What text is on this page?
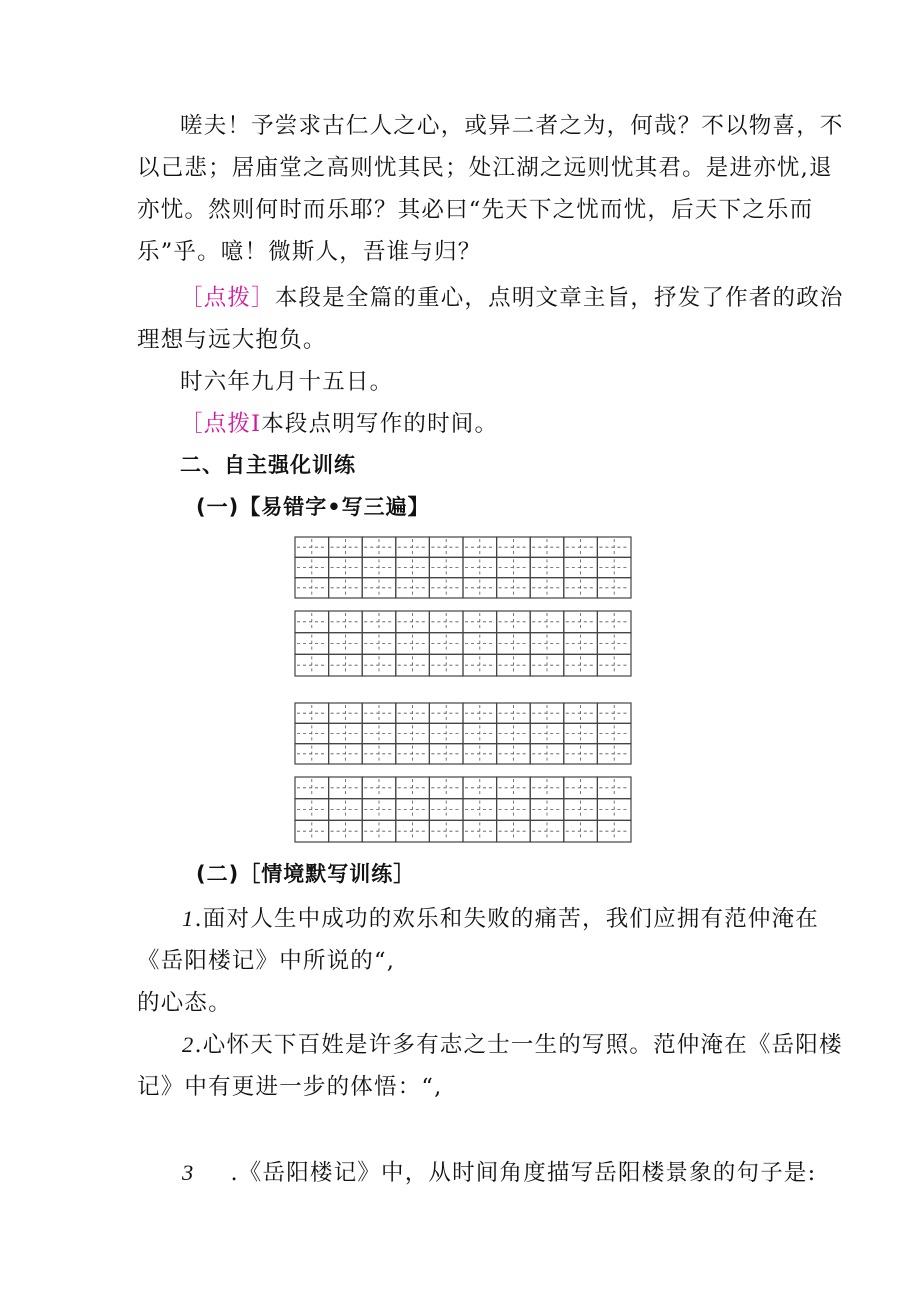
嗟夫！予尝求古仁人之心，或异二者之为，何哉？不以物喜，不
以己悲；居庙堂之高则忧其民；处江湖之远则忧其君。是进亦忧,退
亦忧。然则何时而乐耶？其必曰“先天下之忧而忧，后天下之乐而
乐”乎。噫！微斯人，吾谁与归？
［点拨］本段是全篇的重心，点明文章主旨，抒发了作者的政治
理想与远大抱负。
时六年九月十五日。
［点拨Ⅰ本段点明写作的时间。
二、自主强化训练
(一)【易错字•写三遍】
(二)［情境默写训练］
1.面对人生中成功的欢乐和失败的痛苦，我们应拥有范仲淹在
《岳阳楼记》中所说的“,
的心态。
2.心怀天下百姓是许多有志之士一生的写照。范仲淹在《岳阳楼
记》中有更进一步的体悟：“,
3 .《岳阳楼记》中，从时间角度描写岳阳楼景象的句子是:
